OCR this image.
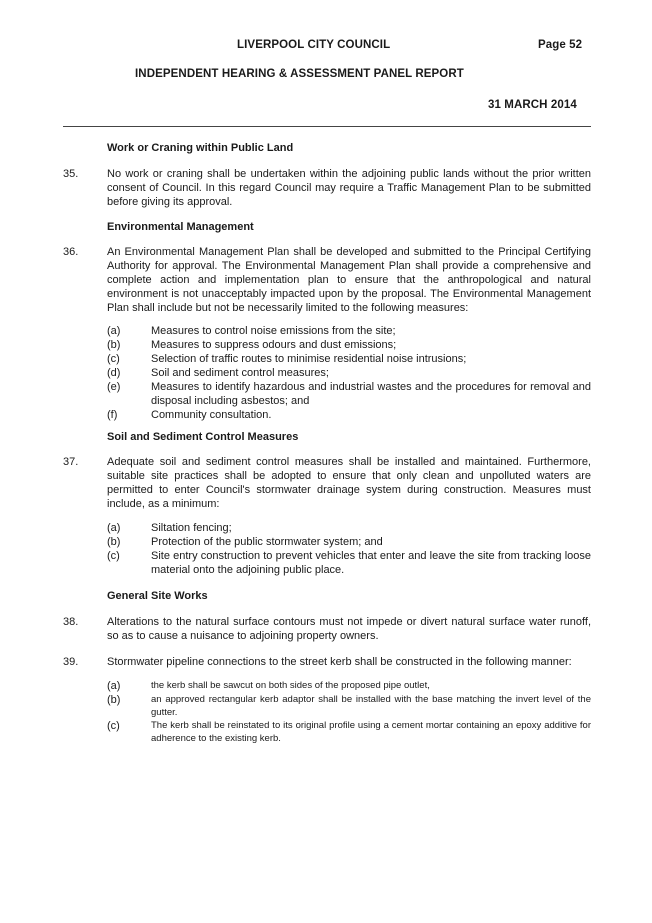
LIVERPOOL CITY COUNCIL	Page 52
INDEPENDENT HEARING & ASSESSMENT PANEL REPORT
31 MARCH 2014
Work or Craning within Public Land
35.	No work or craning shall be undertaken within the adjoining public lands without the prior written consent of Council. In this regard Council may require a Traffic Management Plan to be submitted before giving its approval.
Environmental Management
36.	An Environmental Management Plan shall be developed and submitted to the Principal Certifying Authority for approval. The Environmental Management Plan shall provide a comprehensive and complete action and implementation plan to ensure that the anthropological and natural environment is not unacceptably impacted upon by the proposal. The Environmental Management Plan shall include but not be necessarily limited to the following measures:
(a)	Measures to control noise emissions from the site;
(b)	Measures to suppress odours and dust emissions;
(c)	Selection of traffic routes to minimise residential noise intrusions;
(d)	Soil and sediment control measures;
(e)	Measures to identify hazardous and industrial wastes and the procedures for removal and disposal including asbestos; and
(f)	Community consultation.
Soil and Sediment Control Measures
37.	Adequate soil and sediment control measures shall be installed and maintained. Furthermore, suitable site practices shall be adopted to ensure that only clean and unpolluted waters are permitted to enter Council's stormwater drainage system during construction. Measures must include, as a minimum:
(a)	Siltation fencing;
(b)	Protection of the public stormwater system; and
(c)	Site entry construction to prevent vehicles that enter and leave the site from tracking loose material onto the adjoining public place.
General Site Works
38.	Alterations to the natural surface contours must not impede or divert natural surface water runoff, so as to cause a nuisance to adjoining property owners.
39.	Stormwater pipeline connections to the street kerb shall be constructed in the following manner:
(a)	the kerb shall be sawcut on both sides of the proposed pipe outlet,
(b)	an approved rectangular kerb adaptor shall be installed with the base matching the invert level of the gutter.
(c)	The kerb shall be reinstated to its original profile using a cement mortar containing an epoxy additive for adherence to the existing kerb.
